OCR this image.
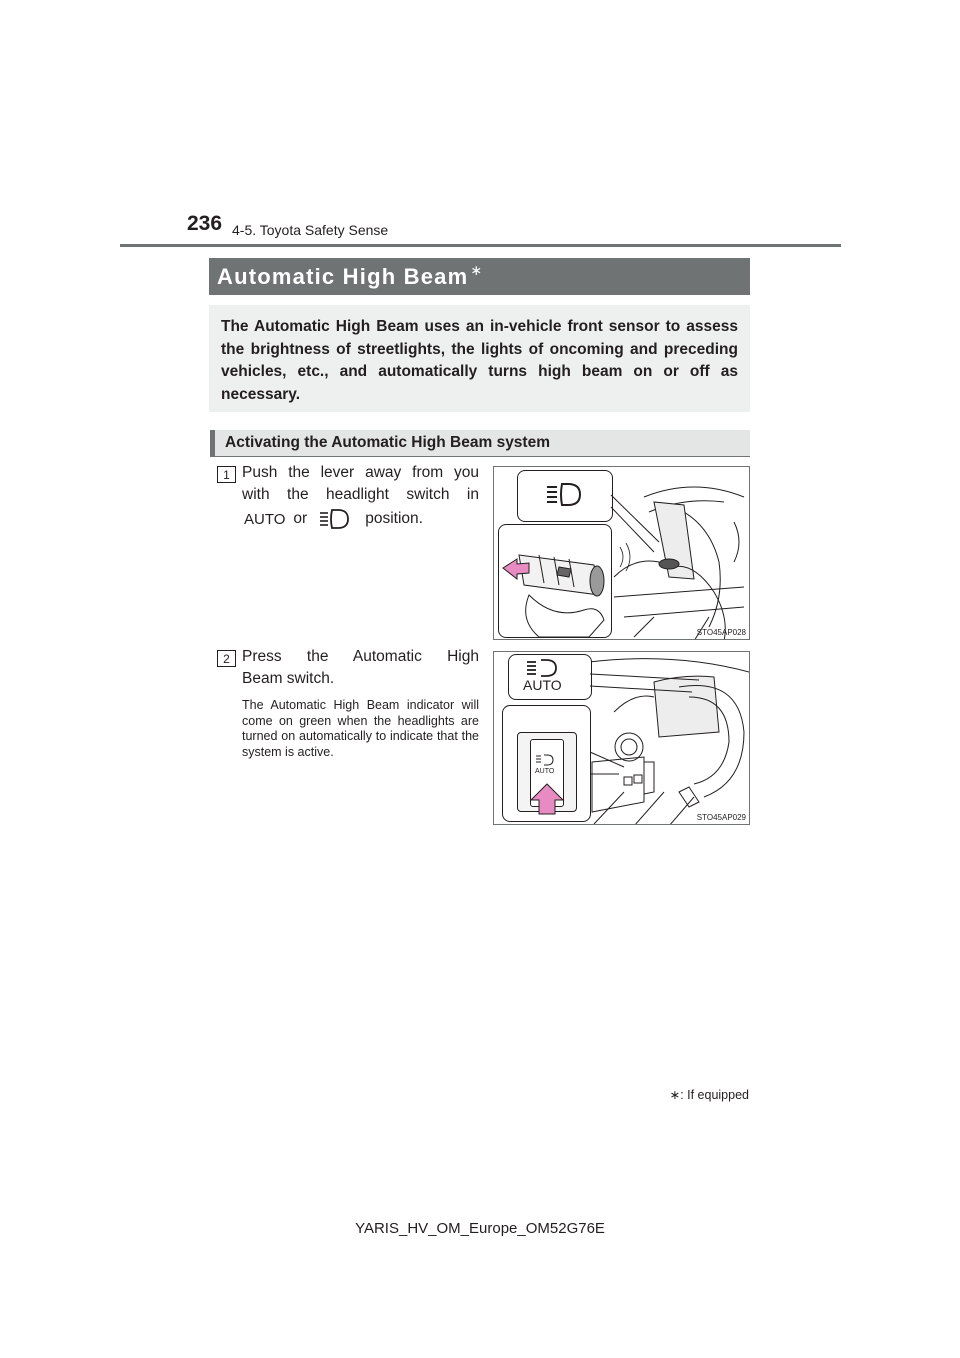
236 4-5. Toyota Safety Sense
Automatic High Beam ∗
The Automatic High Beam uses an in-vehicle front sensor to assess the brightness of streetlights, the lights of oncoming and preceding vehicles, etc., and automatically turns high beam on or off as necessary.
Activating the Automatic High Beam system
1 Push the lever away from you
with the headlight switch in
AUTO or	position.
STO45AP028
2 Press the Automatic High
Beam switch.
The Automatic High Beam indicator will come on green when the headlights are turned on automatically to indicate that the system is active.
AUTO
AUTO
STO45AP029
∗: If equipped
YARIS_HV_OM_Europe_OM52G76E
